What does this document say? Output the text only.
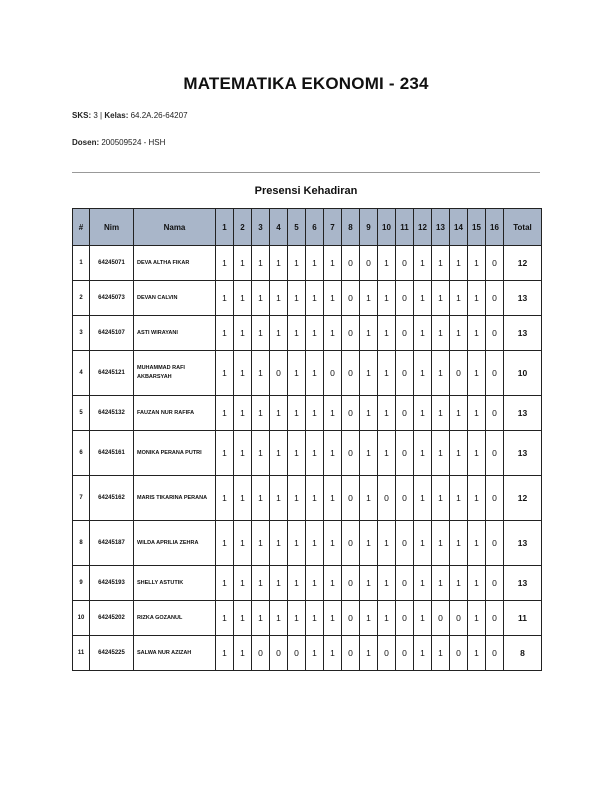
MATEMATIKA EKONOMI - 234
SKS: 3 | Kelas: 64.2A.26-64207
Dosen: 200509524 - HSH
Presensi Kehadiran
#	Nim	Nama	1	2	3	4	5	6	7	8	9	10	11	12	13	14	15	16	Total
1	64245071	DEVA ALTHA FIKAR	1	1	1	1	1	1	1	0	0	1	0	1	1	1	1	0	12
2	64245073	DEVAN CALVIN	1	1	1	1	1	1	1	0	1	1	0	1	1	1	1	0	13
3	64245107	ASTI WIRAYANI	1	1	1	1	1	1	1	0	1	1	0	1	1	1	1	0	13
4	64245121	MUHAMMAD RAFI AKBARSYAH	1	1	1	0	1	1	0	0	1	1	0	1	1	0	1	0	10
5	64245132	FAUZAN NUR RAFIFA	1	1	1	1	1	1	1	0	1	1	0	1	1	1	1	0	13
6	64245161	MONIKA PERANA PUTRI	1	1	1	1	1	1	1	0	1	1	0	1	1	1	1	0	13
7	64245162	MARIS TIKARINA PERANA	1	1	1	1	1	1	1	0	1	0	0	1	1	1	1	0	12
8	64245187	WILDA APRILIA ZEHRA	1	1	1	1	1	1	1	0	1	1	0	1	1	1	1	0	13
9	64245193	SHELLY ASTUTIK	1	1	1	1	1	1	1	0	1	1	0	1	1	1	1	0	13
10	64245202	RIZKA GOZANUL	1	1	1	1	1	1	1	0	1	1	0	1	0	0	1	0	11
11	64245225	SALWA NUR AZIZAH	1	1	0	0	0	1	1	0	1	0	0	1	1	0	1	0	8
